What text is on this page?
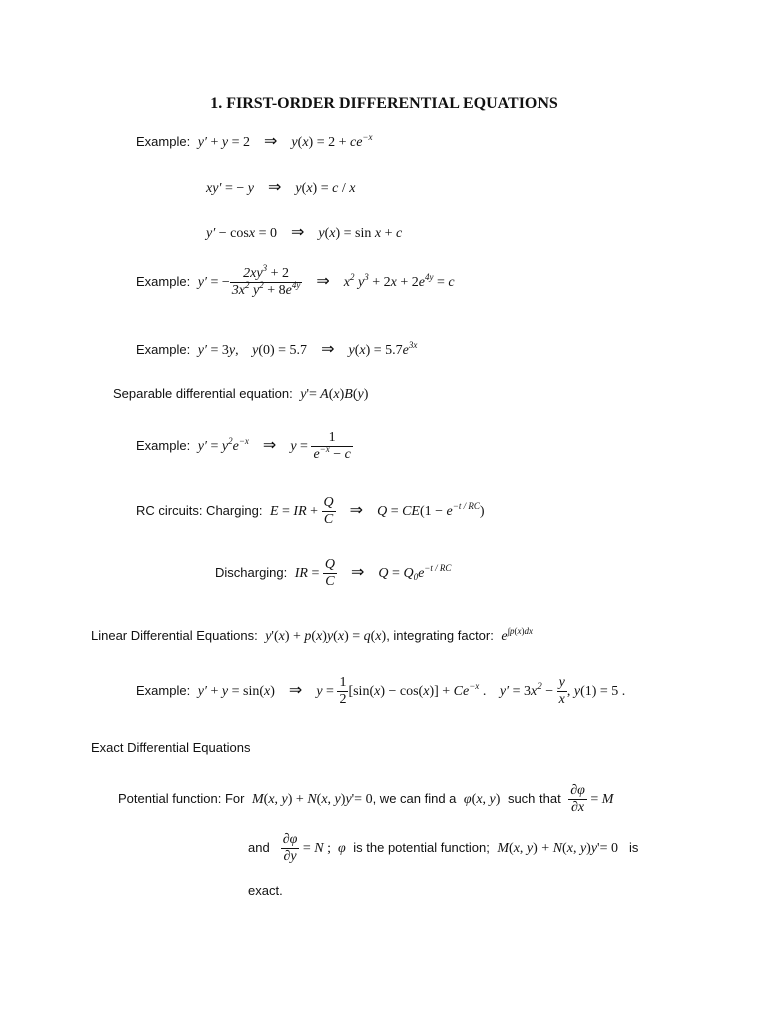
1. FIRST-ORDER DIFFERENTIAL EQUATIONS
Example:  y′ + y = 2 ⇒ $y(x) = 2 + ce^{-x}$
xy′ = − y ⇒ y(x) = c / x
y′ − cosx = 0 ⇒ y(x) = sin x + c
Example:  y′ = − $\frac{2xy^3 + 2}{3x^2 y^2 + 8e^{4y}}$ ⇒ $x^2$ $y^3 + 2x + 2e^{4y} = c$
Example:  y′ = 3y, y(0) = 5.7 ⇒ $y(x) = 5.7e^{3x}$
Separable differential equation:  y'= A(x)B(y)
Example:  $y' = y^2e^{-x}$ ⇒ $y = \frac{1}{e^{-x} - c}$
RC circuits: Charging:  E = IR + $\frac{Q}{C}$ ⇒ $Q = CE(1 - e^{-t / RC})$
Discharging:  IR = $\frac{Q}{C}$ ⇒ $Q = Q_0e^{-t / RC}$
Linear Differential Equations:  y'(x) + p(x)y(x) = q(x), integrating factor:  $e^{\int p(x)dx}$
Example:  y′ + y = sin(x) ⇒ $y = \frac{1}{2} [\sin(x) - \cos(x)] + Ce^{-x}$ . $y' = 3x^2 - \frac{y}{x}$ , y(1) = 5 .
Exact Differential Equations
Potential function: For  M(x, y) + N(x, y)y'= 0, we can find a  φ(x, y) such that $\frac{\partial\varphi}{\partial x} = M$
and $\frac{\partial\varphi}{\partial y} = N$ ;  φ  is the potential function;  M(x, y) + N(x, y)y'= 0 is
exact.
